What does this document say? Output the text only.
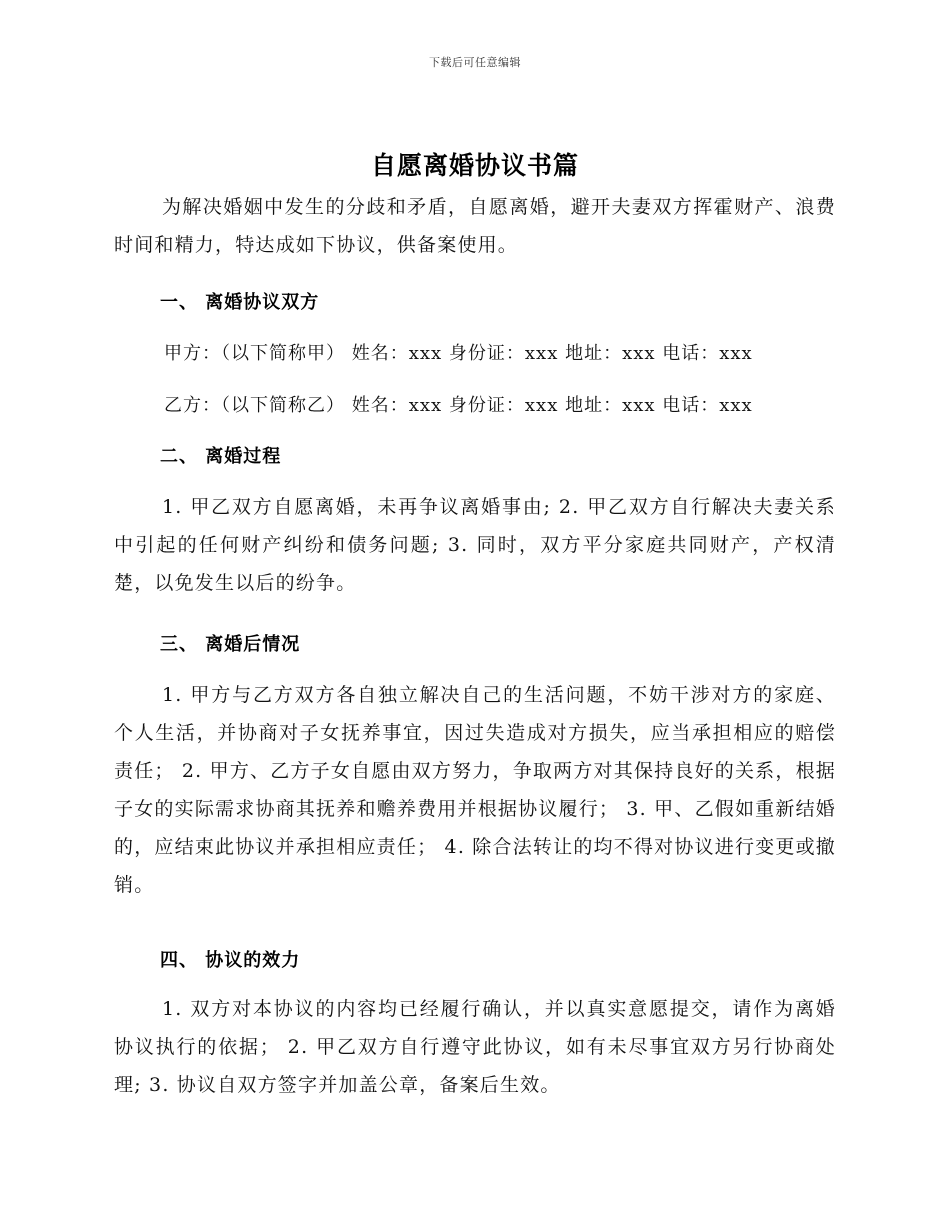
下载后可任意编辑
自愿离婚协议书篇

为解决婚姻中发生的分歧和矛盾，自愿离婚，避开夫妻双方挥霍财产、浪费时间和精力，特达成如下协议，供备案使用。

一、 离婚协议双方

甲方：（以下简称甲） 姓名：xxx 身份证：xxx 地址：xxx 电话：xxx

乙方：（以下简称乙） 姓名：xxx 身份证：xxx 地址：xxx 电话：xxx

二、 离婚过程

1. 甲乙双方自愿离婚，未再争议离婚事由; 2. 甲乙双方自行解决夫妻关系中引起的任何财产纠纷和债务问题; 3. 同时，双方平分家庭共同财产，产权清楚，以免发生以后的纷争。

三、 离婚后情况

1. 甲方与乙方双方各自独立解决自己的生活问题，不妨干涉对方的家庭、个人生活，并协商对子女抚养事宜，因过失造成对方损失，应当承担相应的赔偿责任； 2. 甲方、乙方子女自愿由双方努力，争取两方对其保持良好的关系，根据子女的实际需求协商其抚养和赡养费用并根据协议履行； 3. 甲、乙假如重新结婚的，应结束此协议并承担相应责任； 4. 除合法转让的均不得对协议进行变更或撤销。

四、 协议的效力

1. 双方对本协议的内容均已经履行确认，并以真实意愿提交，请作为离婚协议执行的依据； 2. 甲乙双方自行遵守此协议，如有未尽事宜双方另行协商处理; 3. 协议自双方签字并加盖公章，备案后生效。
